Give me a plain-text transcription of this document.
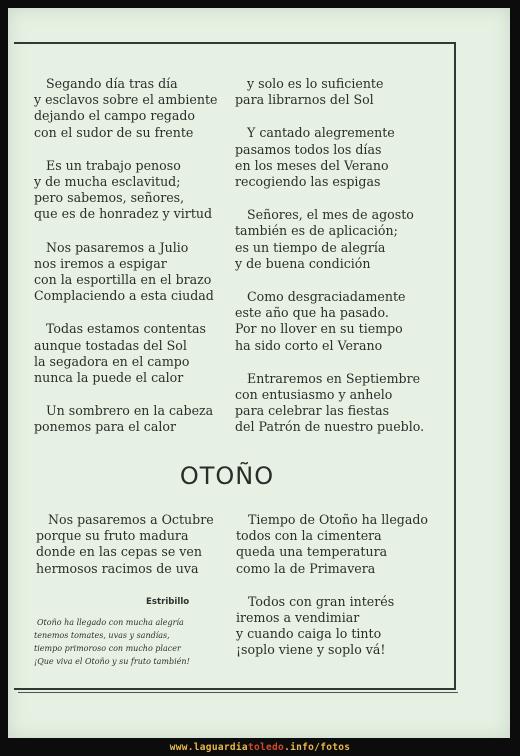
Segando día tras día
y esclavos sobre el ambiente
dejando el campo regado
con el sudor de su frente
Es un trabajo penoso
y de mucha esclavitud;
pero sabemos, señores,
que es de honradez y virtud
Nos pasaremos a Julio
nos iremos a espigar
con la esportilla en el brazo
Complaciendo a esta ciudad
Todas estamos contentas
aunque tostadas del Sol
la segadora en el campo
nunca la puede el calor
Un sombrero en la cabeza
ponemos para el calor
y solo es lo suficiente
para librarnos del Sol
Y cantado alegremente
pasamos todos los días
en los meses del Verano
recogiendo las espigas
Señores, el mes de agosto
también es de aplicación;
es un tiempo de alegría
y de buena condición
Como desgraciadamente
este año que ha pasado.
Por no llover en su tiempo
ha sido corto el Verano
Entraremos en Septiembre
con entusiasmo y anhelo
para celebrar las fiestas
del Patrón de nuestro pueblo.
OTOÑO
Nos pasaremos a Octubre
porque su fruto madura
donde en las cepas se ven
hermosos racimos de uva
Tiempo de Otoño ha llegado
todos con la cimentera
queda una temperatura
como la de Primavera
Todos con gran interés
iremos a vendimiar
y cuando caiga lo tinto
¡soplo viene y soplo vá!
Estribillo
Otoño ha llegado con mucha alegría
tenemos tomates, uvas y sandías,
tiempo primoroso con mucho placer
¡Que viva el Otoño y su fruto también!
www.laguardiatoledo.info/fotos
